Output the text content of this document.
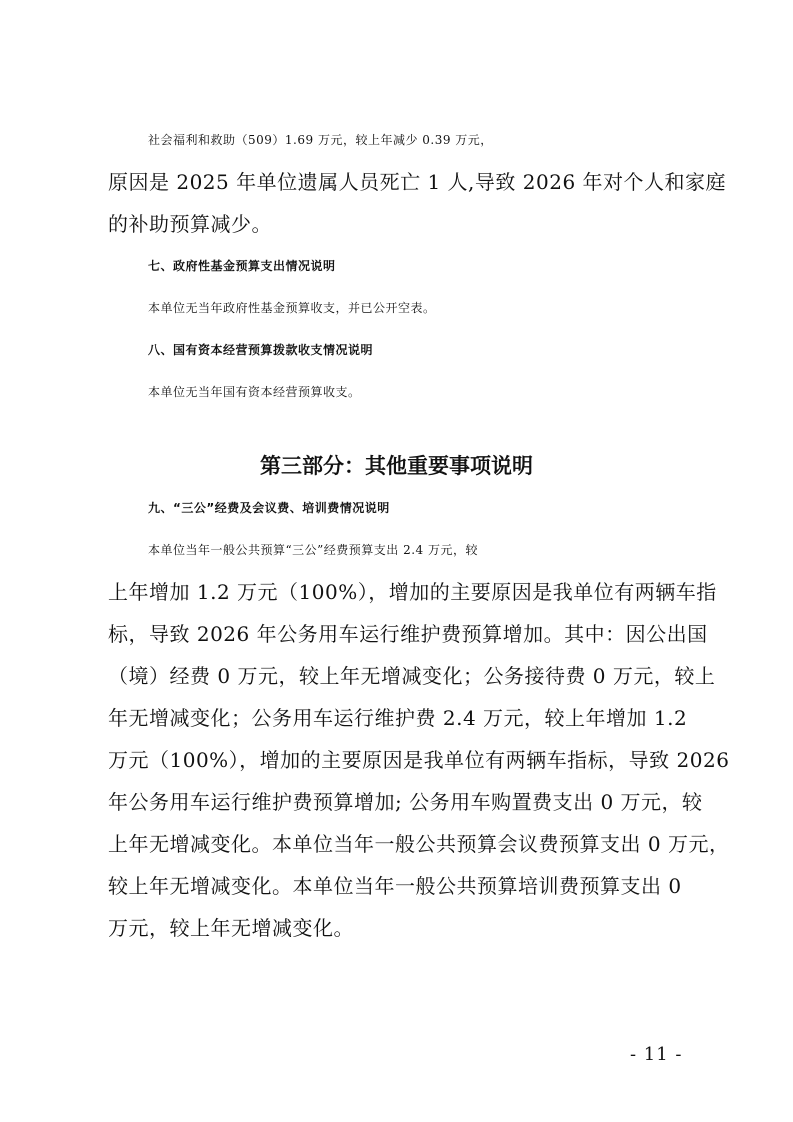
社会福利和救助（509）1.69 万元，较上年减少 0.39 万元，
原因是 2025 年单位遗属人员死亡 1 人,导致 2026 年对个人和家庭
的补助预算减少。
七、政府性基金预算支出情况说明
本单位无当年政府性基金预算收支，并已公开空表。
八、国有资本经营预算拨款收支情况说明
本单位无当年国有资本经营预算收支。
第三部分：其他重要事项说明
九、“三公”经费及会议费、培训费情况说明
本单位当年一般公共预算“三公”经费预算支出 2.4 万元，较
上年增加 1.2 万元（100%），增加的主要原因是我单位有两辆车指
标，导致 2026 年公务用车运行维护费预算增加。其中：因公出国
（境）经费 0 万元，较上年无增减变化；公务接待费 0 万元，较上
年无增减变化；公务用车运行维护费 2.4 万元，较上年增加 1.2
万元（100%），增加的主要原因是我单位有两辆车指标，导致 2026
年公务用车运行维护费预算增加; 公务用车购置费支出 0 万元，较
上年无增减变化。本单位当年一般公共预算会议费预算支出 0 万元，
较上年无增减变化。本单位当年一般公共预算培训费预算支出 0
万元，较上年无增减变化。
- 11 -
